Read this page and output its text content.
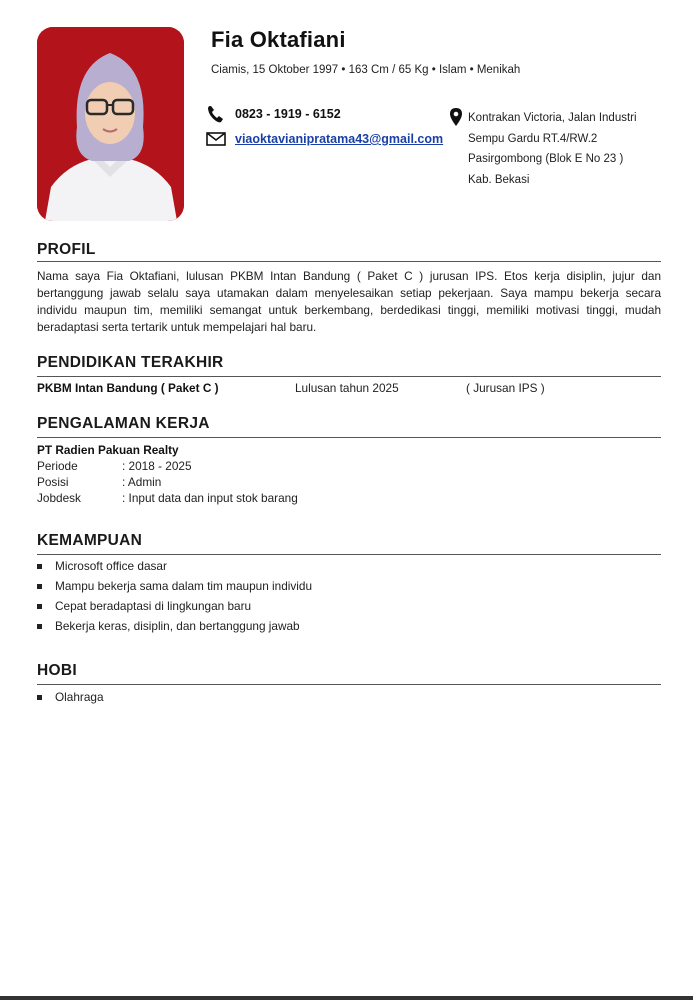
Fia Oktafiani
Ciamis, 15 Oktober 1997 • 163 Cm / 65 Kg • Islam • Menikah
0823 - 1919 - 6152
viaoktavianipratama43@gmail.com
Kontrakan Victoria, Jalan Industri
Sempu Gardu RT.4/RW.2
Pasirgombong (Blok E No 23 )
Kab. Bekasi
PROFIL
Nama saya Fia Oktafiani, lulusan PKBM Intan Bandung ( Paket C ) jurusan IPS. Etos kerja disiplin, jujur dan bertanggung jawab selalu saya utamakan dalam menyelesaikan setiap pekerjaan. Saya mampu bekerja secara individu maupun tim, memiliki semangat untuk berkembang, berdedikasi tinggi, memiliki motivasi tinggi, mudah beradaptasi serta tertarik untuk mempelajari hal baru.
PENDIDIKAN TERAKHIR
PKBM Intan Bandung ( Paket C )	Lulusan tahun 2025	( Jurusan IPS )
PENGALAMAN KERJA
PT Radien Pakuan Realty
Periode	: 2018 - 2025
Posisi	: Admin
Jobdesk	: Input data dan input stok barang
KEMAMPUAN
Microsoft office dasar
Mampu bekerja sama dalam tim maupun individu
Cepat beradaptasi di lingkungan baru
Bekerja keras, disiplin, dan bertanggung jawab
HOBI
Olahraga
